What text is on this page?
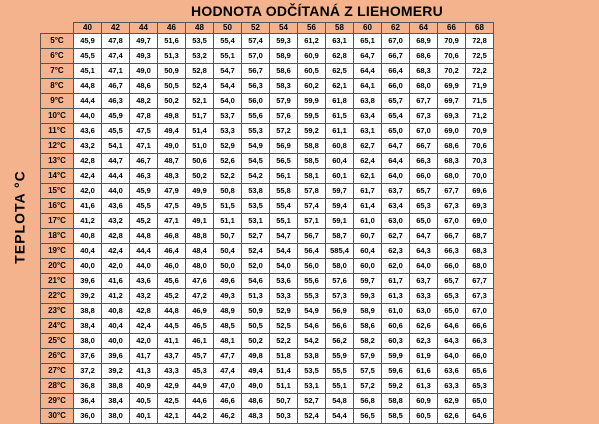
HODNOTA ODČÍTANÁ Z LIEHOMERU
TEPLOTA °C
	40	42	44	46	48	50	52	54	56	58	60	62	64	66	68
5°C	45,9	47,8	49,7	51,6	53,5	55,4	57,4	59,3	61,2	63,1	65,1	67,0	68,9	70,9	72,8
6°C	45,5	47,4	49,3	51,3	53,2	55,1	57,0	58,9	60,9	62,8	64,7	66,7	68,6	70,6	72,5
7°C	45,1	47,1	49,0	50,9	52,8	54,7	56,7	58,6	60,5	62,5	64,4	66,4	68,3	70,2	72,2
8°C	44,8	46,7	48,6	50,5	52,4	54,4	56,3	58,3	60,2	62,1	64,1	66,0	68,0	69,9	71,9
9°C	44,4	46,3	48,2	50,2	52,1	54,0	56,0	57,9	59,9	61,8	63,8	65,7	67,7	69,7	71,5
10°C	44,0	45,9	47,8	49,8	51,7	53,7	55,6	57,6	59,5	61,5	63,4	65,4	67,3	69,3	71,2
11°C	43,6	45,5	47,5	49,4	51,4	53,3	55,3	57,2	59,2	61,1	63,1	65,0	67,0	69,0	70,9
12°C	43,2	54,1	47,1	49,0	51,0	52,9	54,9	56,9	58,8	60,8	62,7	64,7	66,7	68,6	70,6
13°C	42,8	44,7	46,7	48,7	50,6	52,6	54,5	56,5	58,5	60,4	62,4	64,4	66,3	68,3	70,3
14°C	42,4	44,4	46,3	48,3	50,2	52,2	54,2	56,1	58,1	60,1	62,1	64,0	66,0	68,0	70,0
15°C	42,0	44,0	45,9	47,9	49,9	50,8	53,8	55,8	57,8	59,7	61,7	63,7	65,7	67,7	69,6
16°C	41,6	43,6	45,5	47,5	49,5	51,5	53,5	55,4	57,4	59,4	61,4	63,4	65,3	67,3	69,3
17°C	41,2	43,2	45,2	47,1	49,1	51,1	53,1	55,1	57,1	59,1	61,0	63,0	65,0	67,0	69,0
18°C	40,8	42,8	44,8	46,8	48,8	50,7	52,7	54,7	56,7	58,7	60,7	62,7	64,7	66,7	68,7
19°C	40,4	42,4	44,4	46,4	48,4	50,4	52,4	54,4	56,4	585,4	60,4	62,3	64,3	66,3	68,3
20°C	40,0	42,0	44,0	46,0	48,0	50,0	52,0	54,0	56,0	58,0	60,0	62,0	64,0	66,0	68,0
21°C	39,6	41,6	43,6	45,6	47,6	49,6	54,6	53,6	55,6	57,6	59,7	61,7	63,7	65,7	67,7
22°C	39,2	41,2	43,2	45,2	47,2	49,3	51,3	53,3	55,3	57,3	59,3	61,3	63,3	65,3	67,3
23°C	38,8	40,8	42,8	44,8	46,9	48,9	50,9	52,9	54,9	56,9	58,9	61,0	63,0	65,0	67,0
24°C	38,4	40,4	42,4	44,5	46,5	48,5	50,5	52,5	54,6	56,6	58,6	60,6	62,6	64,6	66,6
25°C	38,0	40,0	42,0	41,1	46,1	48,1	50,2	52,2	54,2	56,2	58,2	60,3	62,3	64,3	66,3
26°C	37,6	39,6	41,7	43,7	45,7	47,7	49,8	51,8	53,8	55,9	57,9	59,9	61,9	64,0	66,0
27°C	37,2	39,2	41,3	43,3	45,3	47,4	49,4	51,4	53,5	55,5	57,5	59,6	61,6	63,6	65,6
28°C	36,8	38,8	40,9	42,9	44,9	47,0	49,0	51,1	53,1	55,1	57,2	59,2	61,3	63,3	65,3
29°C	36,4	38,4	40,5	42,5	44,6	46,6	48,6	50,7	52,7	54,8	56,8	58,8	60,9	62,9	65,0
30°C	36,0	38,0	40,1	42,1	44,2	46,2	48,3	50,3	52,4	54,4	56,5	58,5	60,5	62,6	64,6
